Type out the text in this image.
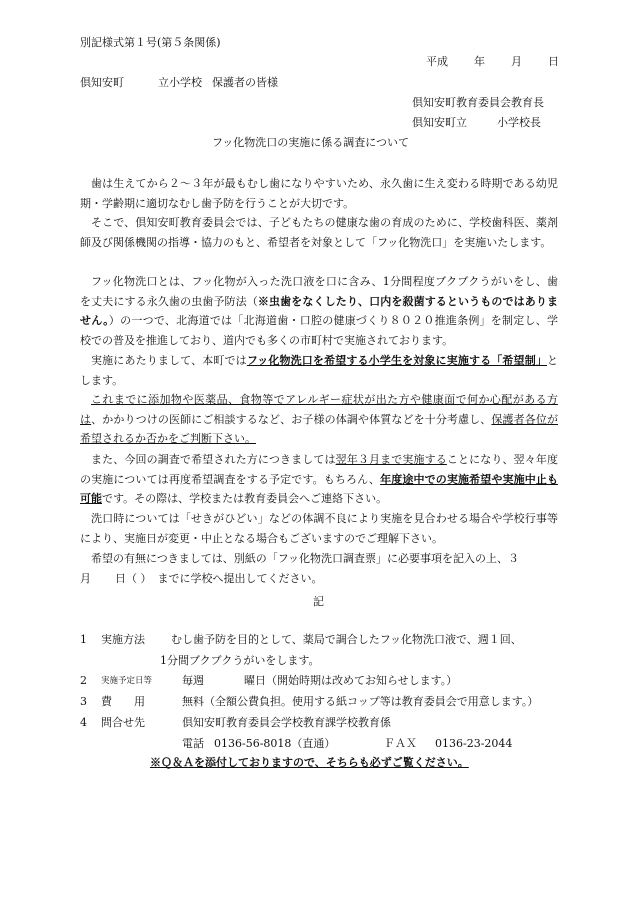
別記様式第１号(第５条関係)
平成 年 月 日
倶知安町	立小学校 保護者の皆様
倶知安町教育委員会教育長
倶知安町立	小学校長
フッ化物洗口の実施に係る調査について
歯は生えてから２～３年が最もむし歯になりやすいため、永久歯に生え変わる時期である幼児期・学齢期に適切なむし歯予防を行うことが大切です。
そこで、倶知安町教育委員会では、子どもたちの健康な歯の育成のために、学校歯科医、薬剤師及び関係機関の指導・協力のもと、希望者を対象として「フッ化物洗口」を実施いたします。
フッ化物洗口とは、フッ化物が入った洗口液を口に含み、1分間程度ブクブクうがいをし、歯を丈夫にする永久歯の虫歯予防法（※虫歯をなくしたり、口内を殺菌するというものではありません。）の一つで、北海道では「北海道歯・口腔の健康づくり８０２０推進条例」を制定し、学校での普及を推進しており、道内でも多くの市町村で実施されております。
実施にあたりまして、本町ではフッ化物洗口を希望する小学生を対象に実施する「希望制」とします。
これまでに添加物や医薬品、食物等でアレルギー症状が出た方や健康面で何か心配がある方は、かかりつけの医師にご相談するなど、お子様の体調や体質などを十分考慮し、保護者各位が希望されるか否かをご判断下さい。
また、今回の調査で希望された方につきましては翌年３月まで実施することになり、翌々年度の実施については再度希望調査をする予定です。もちろん、年度途中での実施希望や実施中止も可能です。その際は、学校または教育委員会へご連絡下さい。
洗口時については「せきがひどい」などの体調不良により実施を見合わせる場合や学校行事等により、実施日が変更・中止となる場合もございますのでご理解下さい。
希望の有無につきましては、別紙の「フッ化物洗口調査票」に必要事項を記入の上、３
月 日（ ） までに学校へ提出してください。
記
1 実施方法 むし歯予防を目的として、薬局で調合したフッ化物洗口液で、週１回、
1分間ブクブクうがいをします。
2 実施予定日等	毎週	曜日（開始時期は改めてお知らせします。）
3 費　　用	無料（全額公費負担。使用する紙コップ等は教育委員会で用意します。）
4 問合せ先	倶知安町教育委員会学校教育課学校教育係
電話 0136-56-8018（直通）	ＦＡＸ 0136-23-2044
※Ｑ＆Ａを添付しておりますので、そちらも必ずご覧ください。
